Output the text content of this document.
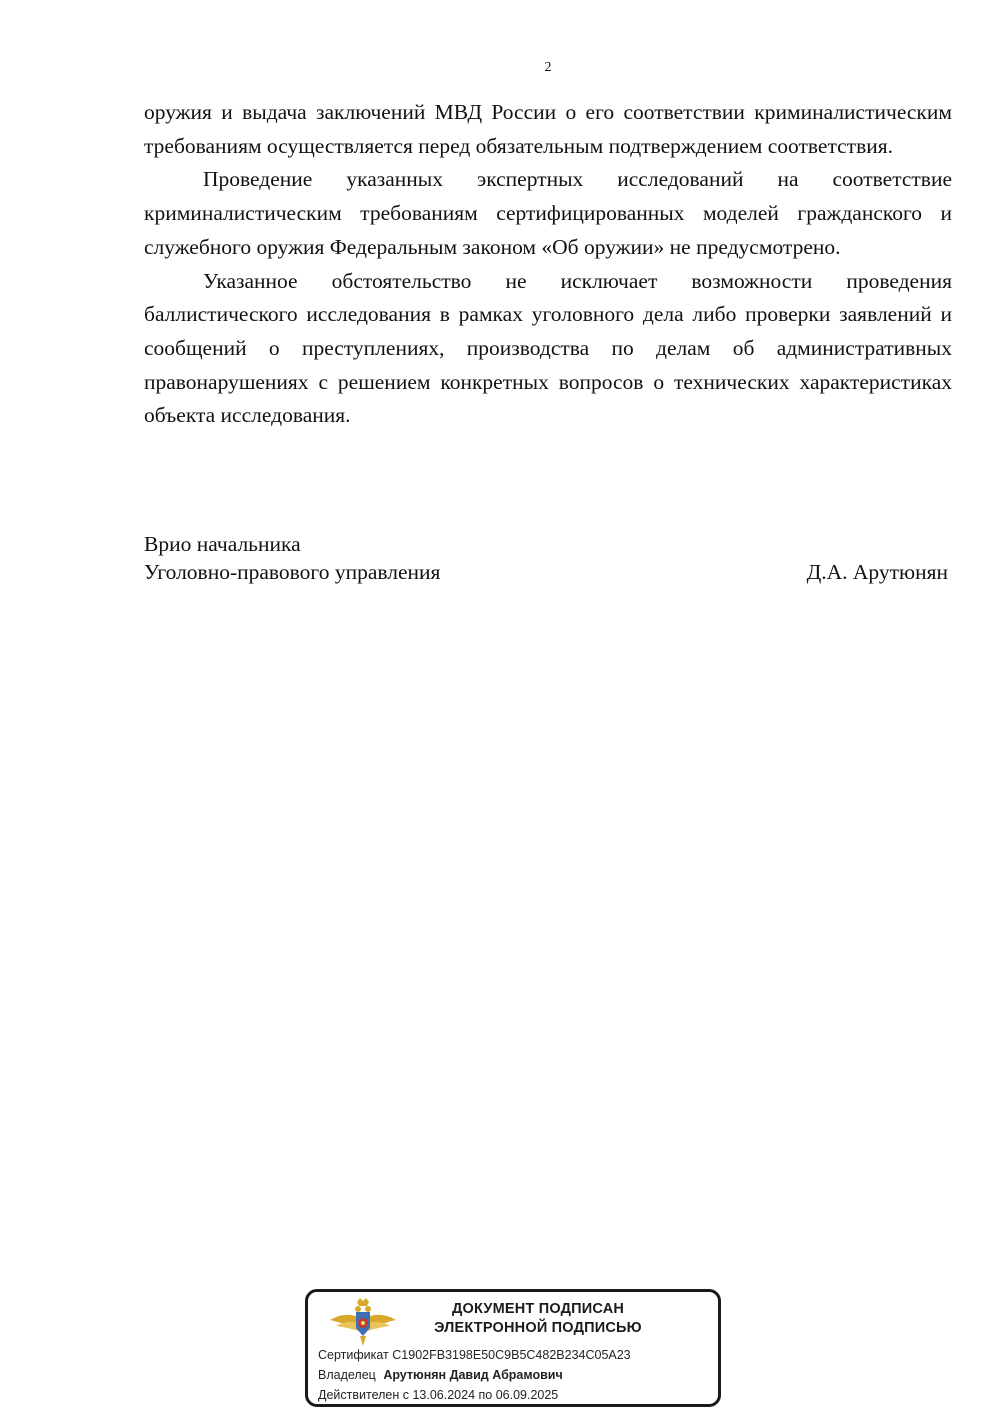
2

оружия и выдача заключений МВД России о его соответствии криминалистическим требованиям осуществляется перед обязательным подтверждением соответствия.

Проведение указанных экспертных исследований на соответствие криминалистическим требованиям сертифицированных моделей гражданского и служебного оружия Федеральным законом «Об оружии» не предусмотрено.

Указанное обстоятельство не исключает возможности проведения баллистического исследования в рамках уголовного дела либо проверки заявлений и сообщений о преступлениях, производства по делам об административных правонарушениях с решением конкретных вопросов о технических характеристиках объекта исследования.

Врио начальника
Уголовно-правового управления	Д.А. Арутюнян
ДОКУМЕНТ ПОДПИСАН
ЭЛЕКТРОННОЙ ПОДПИСЬЮ
Сертификат C1902FB3198E50C9B5C482B234C05A23
Владелец Арутюнян Давид Абрамович
Действителен с 13.06.2024 по 06.09.2025
